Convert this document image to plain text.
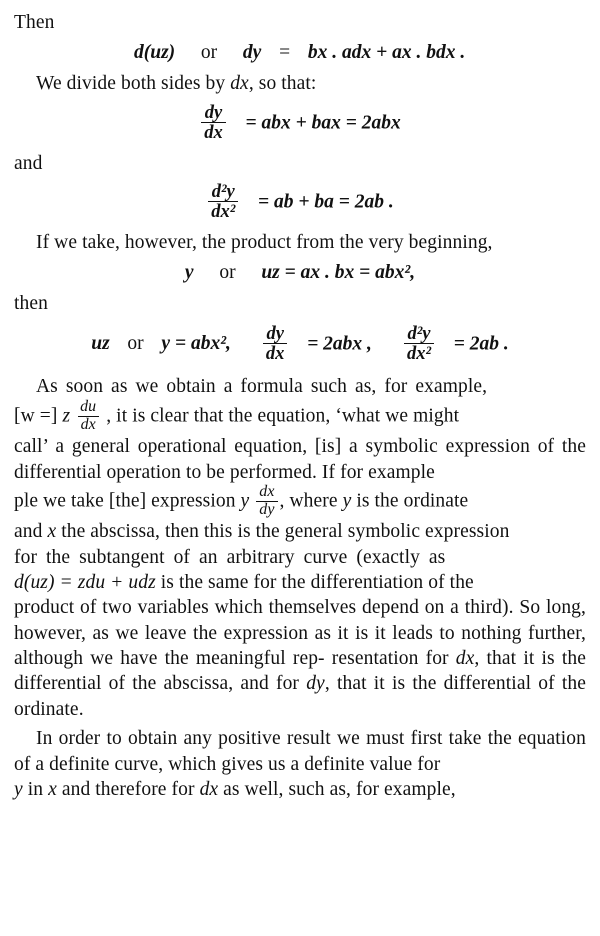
Then

d(uz) or dy = bx . adx + ax . bdx .

We divide both sides by dx, so that:

$\frac{dy}{dx}$ = abx + bax = 2abx

and

$\frac{\text{d²y}}{\text{dx²}}$ = ab + ba = 2ab .

If we take, however, the product from the very beginning,

y or uz = ax . bx = abx²,

then

uz or y = abx², $\frac{dy}{dx} = 2abx$ , $\frac{\text{d²y}}{\text{dx²}} = 2ab$ .

As soon as we obtain a formula such as, for example,

[w =] z $\frac{du}{dx}$ , it is clear that the equation, ‘what we might

call’ a general operational equation, [is] a symbolic expression of the differential operation to be performed. If for example

ple we take [the] expression y $\frac{dx}{dy}$ , where y is the ordinate

and x the abscissa, then this is the general symbolic expression

for the subtangent of an arbitrary curve (exactly as

d(uz) = zdu + udz is the same for the differentiation of the

product of two variables which themselves depend on a third). So long, however, as we leave the expression as it is it leads to nothing further, although we have the meaningful rep- resentation for dx, that it is the differential of the abscissa, and for dy, that it is the differential of the ordinate.

In order to obtain any positive result we must first take the equation of a definite curve, which gives us a definite value for

y in x and therefore for dx as well, such as, for example,
